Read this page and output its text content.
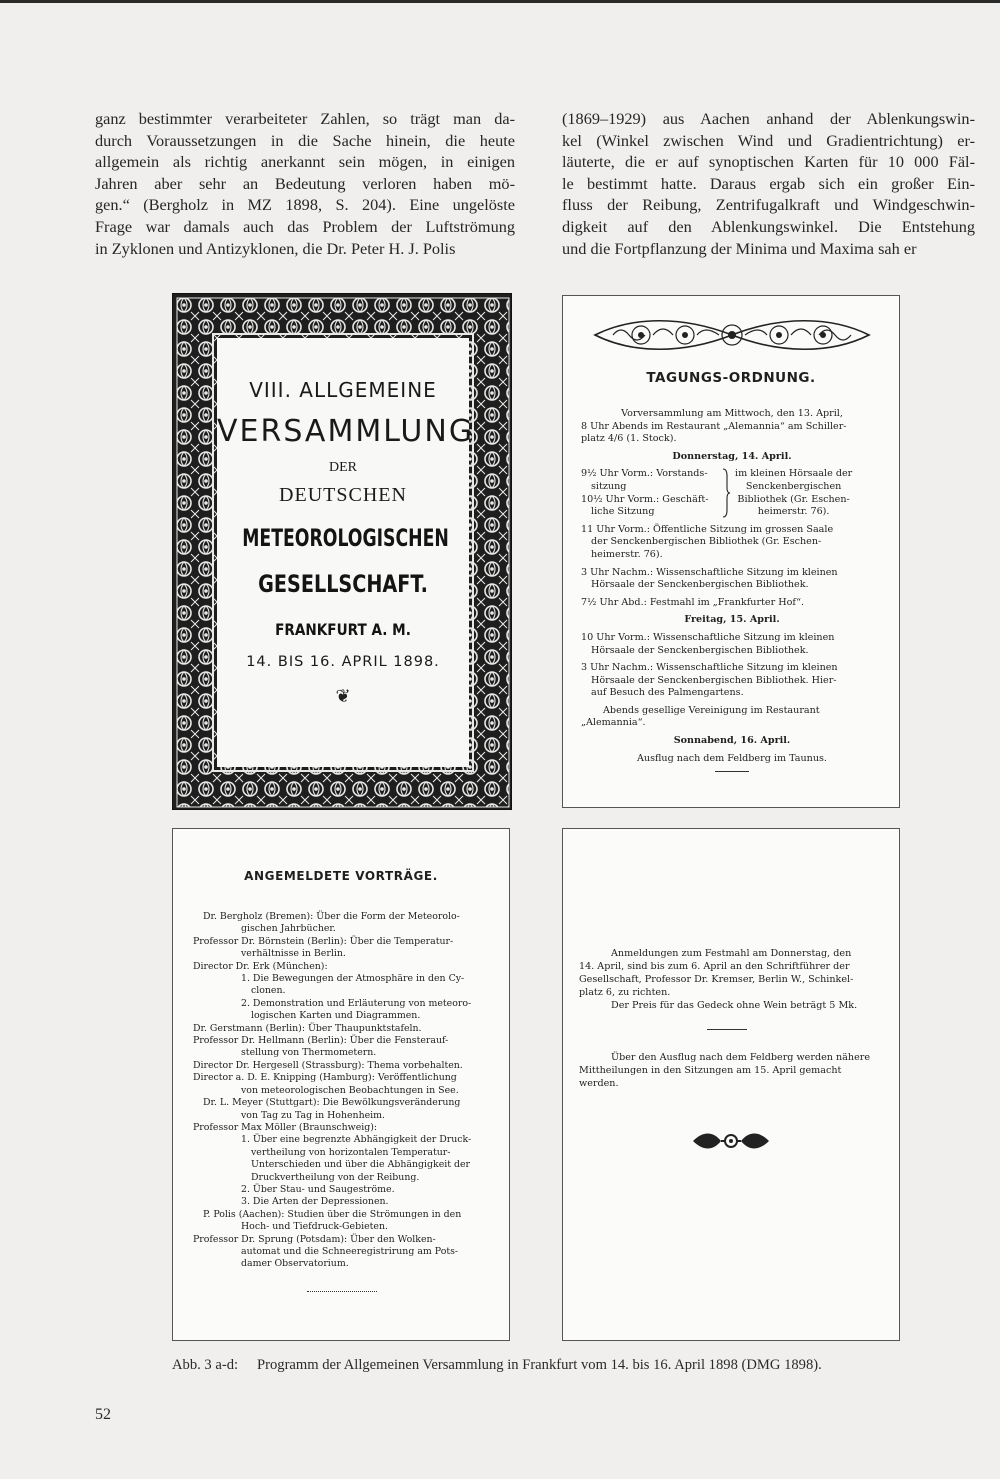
ganz bestimmter verarbeiteter Zahlen, so trägt man da-
durch Voraussetzungen in die Sache hinein, die heute
allgemein als richtig anerkannt sein mögen, in einigen
Jahren aber sehr an Bedeutung verloren haben mö-
gen.“ (Bergholz in MZ 1898, S. 204). Eine ungelöste
Frage war damals auch das Problem der Luftströmung
in Zyklonen und Antizyklonen, die Dr. Peter H. J. Polis
(1869–1929) aus Aachen anhand der Ablenkungswin-
kel (Winkel zwischen Wind und Gradientrichtung) er-
läuterte, die er auf synoptischen Karten für 10 000 Fäl-
le bestimmt hatte. Daraus ergab sich ein großer Ein-
fluss der Reibung, Zentrifugalkraft und Windgeschwin-
digkeit auf den Ablenkungswinkel. Die Entstehung
und die Fortpflanzung der Minima und Maxima sah er
VIII. ALLGEMEINE
VERSAMMLUNG
DER
DEUTSCHEN
METEOROLOGISCHEN
GESELLSCHAFT.
FRANKFURT A. M.
14. BIS 16. APRIL 1898.
❦
TAGUNGS-ORDNUNG.
Vorversammlung am Mittwoch, den 13. April,
8 Uhr Abends im Restaurant „Alemannia“ am Schiller-
platz 4/6 (1. Stock).
Donnerstag, 14. April.
9½ Uhr Vorm.: Vorstands-
sitzung
10½ Uhr Vorm.: Geschäft-
liche Sitzung
im kleinen Hörsaale der
Senckenbergischen
Bibliothek (Gr. Eschen-
heimerstr. 76).
11 Uhr Vorm.: Öffentliche Sitzung im grossen Saale
der Senckenbergischen Bibliothek (Gr. Eschen-
heimerstr. 76).
3 Uhr Nachm.: Wissenschaftliche Sitzung im kleinen
Hörsaale der Senckenbergischen Bibliothek.
7½ Uhr Abd.: Festmahl im „Frankfurter Hof“.
Freitag, 15. April.
10 Uhr Vorm.: Wissenschaftliche Sitzung im kleinen
Hörsaale der Senckenbergischen Bibliothek.
3 Uhr Nachm.: Wissenschaftliche Sitzung im kleinen
Hörsaale der Senckenbergischen Bibliothek. Hier-
auf Besuch des Palmengartens.
Abends gesellige Vereinigung im Restaurant
„Alemannia“.
Sonnabend, 16. April.
Ausflug nach dem Feldberg im Taunus.
ANGEMELDETE VORTRÄGE.
Dr. Bergholz (Bremen): Über die Form der Meteorolo-
gischen Jahrbücher.
Professor Dr. Börnstein (Berlin): Über die Temperatur-
verhältnisse in Berlin.
Director Dr. Erk (München):
1. Die Bewegungen der Atmosphäre in den Cy-
clonen.
2. Demonstration und Erläuterung von meteoro-
logischen Karten und Diagrammen.
Dr. Gerstmann (Berlin): Über Thaupunktstafeln.
Professor Dr. Hellmann (Berlin): Über die Fensterauf-
stellung von Thermometern.
Director Dr. Hergesell (Strassburg): Thema vorbehalten.
Director a. D. E. Knipping (Hamburg): Veröffentlichung
von meteorologischen Beobachtungen in See.
Dr. L. Meyer (Stuttgart): Die Bewölkungsveränderung
von Tag zu Tag in Hohenheim.
Professor Max Möller (Braunschweig):
1. Über eine begrenzte Abhängigkeit der Druck-
vertheilung von horizontalen Temperatur-
Unterschieden und über die Abhängigkeit der
Druckvertheilung von der Reibung.
2. Über Stau- und Saugeströme.
3. Die Arten der Depressionen.
P. Polis (Aachen): Studien über die Strömungen in den
Hoch- und Tiefdruck-Gebieten.
Professor Dr. Sprung (Potsdam): Über den Wolken-
automat und die Schneeregistrirung am Pots-
damer Observatorium.
Anmeldungen zum Festmahl am Donnerstag, den
14. April, sind bis zum 6. April an den Schriftführer der
Gesellschaft, Professor Dr. Kremser, Berlin W., Schinkel-
platz 6, zu richten.
Der Preis für das Gedeck ohne Wein beträgt 5 Mk.
Über den Ausflug nach dem Feldberg werden nähere
Mittheilungen in den Sitzungen am 15. April gemacht
werden.
Abb. 3 a-d: Programm der Allgemeinen Versammlung in Frankfurt vom 14. bis 16. April 1898 (DMG 1898).
52
